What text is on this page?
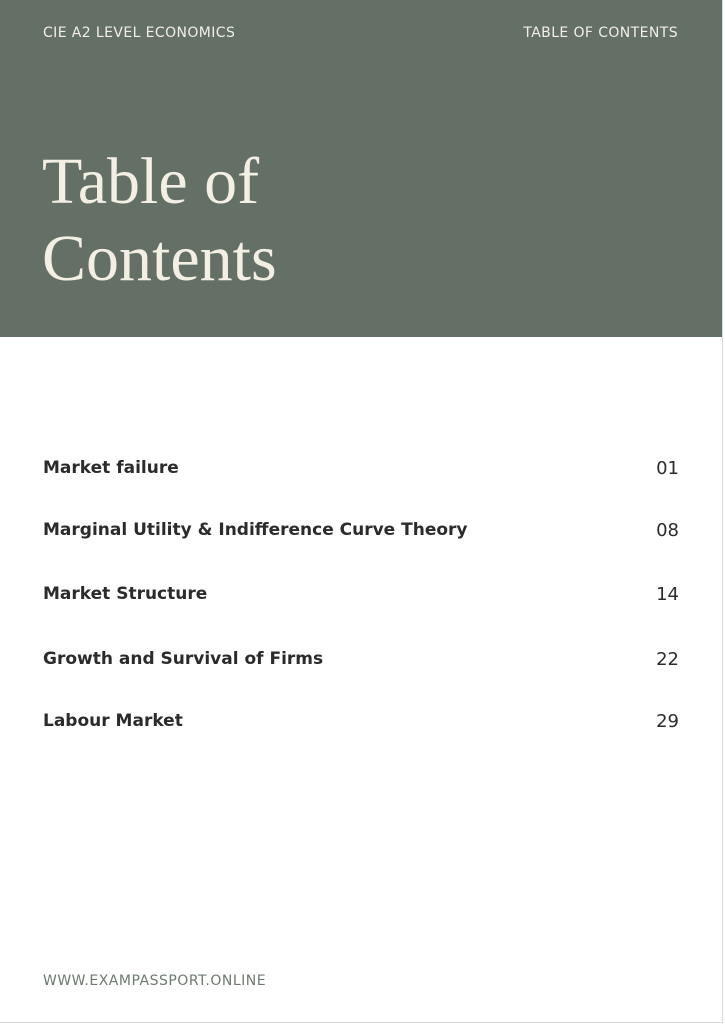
CIE A2 LEVEL ECONOMICS	TABLE OF CONTENTS
Table of
Contents
Market failure	01
Marginal Utility & Indifference Curve Theory	08
Market Structure	14
Growth and Survival of Firms	22
Labour Market	29
WWW.EXAMPASSPORT.ONLINE
